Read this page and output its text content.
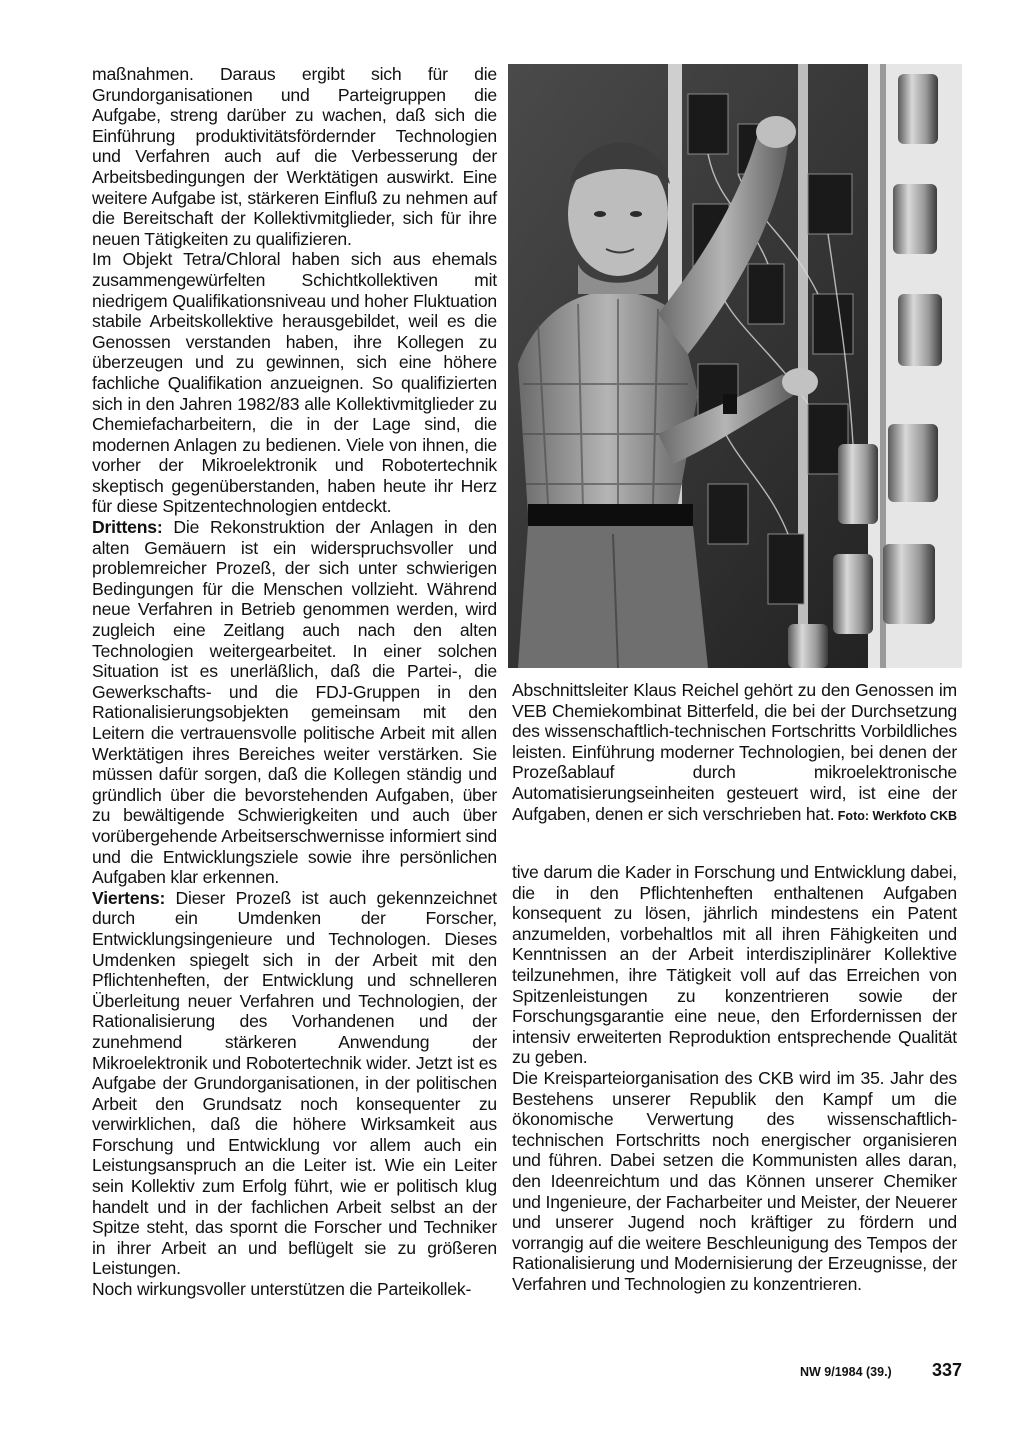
maßnahmen. Daraus ergibt sich für die Grundorganisationen und Parteigruppen die Aufgabe, streng darüber zu wachen, daß sich die Einführung produktivitätsfördernder Technologien und Verfahren auch auf die Verbesserung der Arbeitsbedingungen der Werktätigen auswirkt. Eine weitere Aufgabe ist, stärkeren Einfluß zu nehmen auf die Bereitschaft der Kollektivmitglieder, sich für ihre neuen Tätigkeiten zu qualifizieren.

Im Objekt Tetra/Chloral haben sich aus ehemals zusammengewürfelten Schichtkollektiven mit niedrigem Qualifikationsniveau und hoher Fluktuation stabile Arbeitskollektive herausgebildet, weil es die Genossen verstanden haben, ihre Kollegen zu überzeugen und zu gewinnen, sich eine höhere fachliche Qualifikation anzueignen. So qualifizierten sich in den Jahren 1982/83 alle Kollektivmitglieder zu Chemiefacharbeitern, die in der Lage sind, die modernen Anlagen zu bedienen. Viele von ihnen, die vorher der Mikroelektronik und Robotertechnik skeptisch gegenüberstanden, haben heute ihr Herz für diese Spitzentechnologien entdeckt.

Drittens: Die Rekonstruktion der Anlagen in den alten Gemäuern ist ein widerspruchsvoller und problemreicher Prozeß, der sich unter schwierigen Bedingungen für die Menschen vollzieht. Während neue Verfahren in Betrieb genommen werden, wird zugleich eine Zeitlang auch nach den alten Technologien weitergearbeitet. In einer solchen Situation ist es unerläßlich, daß die Partei-, die Gewerkschafts- und die FDJ-Gruppen in den Rationalisierungsobjekten gemeinsam mit den Leitern die vertrauensvolle politische Arbeit mit allen Werktätigen ihres Bereiches weiter verstärken. Sie müssen dafür sorgen, daß die Kollegen ständig und gründlich über die bevorstehenden Aufgaben, über zu bewältigende Schwierigkeiten und auch über vorübergehende Arbeitserschwernisse informiert sind und die Entwicklungsziele sowie ihre persönlichen Aufgaben klar erkennen.

Viertens: Dieser Prozeß ist auch gekennzeichnet durch ein Umdenken der Forscher, Entwicklungsingenieure und Technologen. Dieses Umdenken spiegelt sich in der Arbeit mit den Pflichtenheften, der Entwicklung und schnelleren Überleitung neuer Verfahren und Technologien, der Rationalisierung des Vorhandenen und der zunehmend stärkeren Anwendung der Mikroelektronik und Robotertechnik wider. Jetzt ist es Aufgabe der Grundorganisationen, in der politischen Arbeit den Grundsatz noch konsequenter zu verwirklichen, daß die höhere Wirksamkeit aus Forschung und Entwicklung vor allem auch ein Leistungsanspruch an die Leiter ist. Wie ein Leiter sein Kollektiv zum Erfolg führt, wie er politisch klug handelt und in der fachlichen Arbeit selbst an der Spitze steht, das spornt die Forscher und Techniker in ihrer Arbeit an und beflügelt sie zu größeren Leistungen.

Noch wirkungsvoller unterstützen die Parteikollek-

Abschnittsleiter Klaus Reichel gehört zu den Genossen im VEB Chemiekombinat Bitterfeld, die bei der Durchsetzung des wissenschaftlich-technischen Fortschritts Vorbildliches leisten. Einführung moderner Technologien, bei denen der Prozeßablauf durch mikroelektronische Automatisierungseinheiten gesteuert wird, ist eine der Aufgaben, denen er sich verschrieben hat. Foto: Werkfoto CKB

tive darum die Kader in Forschung und Entwicklung dabei, die in den Pflichtenheften enthaltenen Aufgaben konsequent zu lösen, jährlich mindestens ein Patent anzumelden, vorbehaltlos mit all ihren Fähigkeiten und Kenntnissen an der Arbeit interdisziplinärer Kollektive teilzunehmen, ihre Tätigkeit voll auf das Erreichen von Spitzenleistungen zu konzentrieren sowie der Forschungsgarantie eine neue, den Erfordernissen der intensiv erweiterten Reproduktion entsprechende Qualität zu geben.

Die Kreisparteiorganisation des CKB wird im 35. Jahr des Bestehens unserer Republik den Kampf um die ökonomische Verwertung des wissenschaftlich-technischen Fortschritts noch energischer organisieren und führen. Dabei setzen die Kommunisten alles daran, den Ideenreichtum und das Können unserer Chemiker und Ingenieure, der Facharbeiter und Meister, der Neuerer und unserer Jugend noch kräftiger zu fördern und vorrangig auf die weitere Beschleunigung des Tempos der Rationalisierung und Modernisierung der Erzeugnisse, der Verfahren und Technologien zu konzentrieren.

NW 9/1984 (39.) 337
